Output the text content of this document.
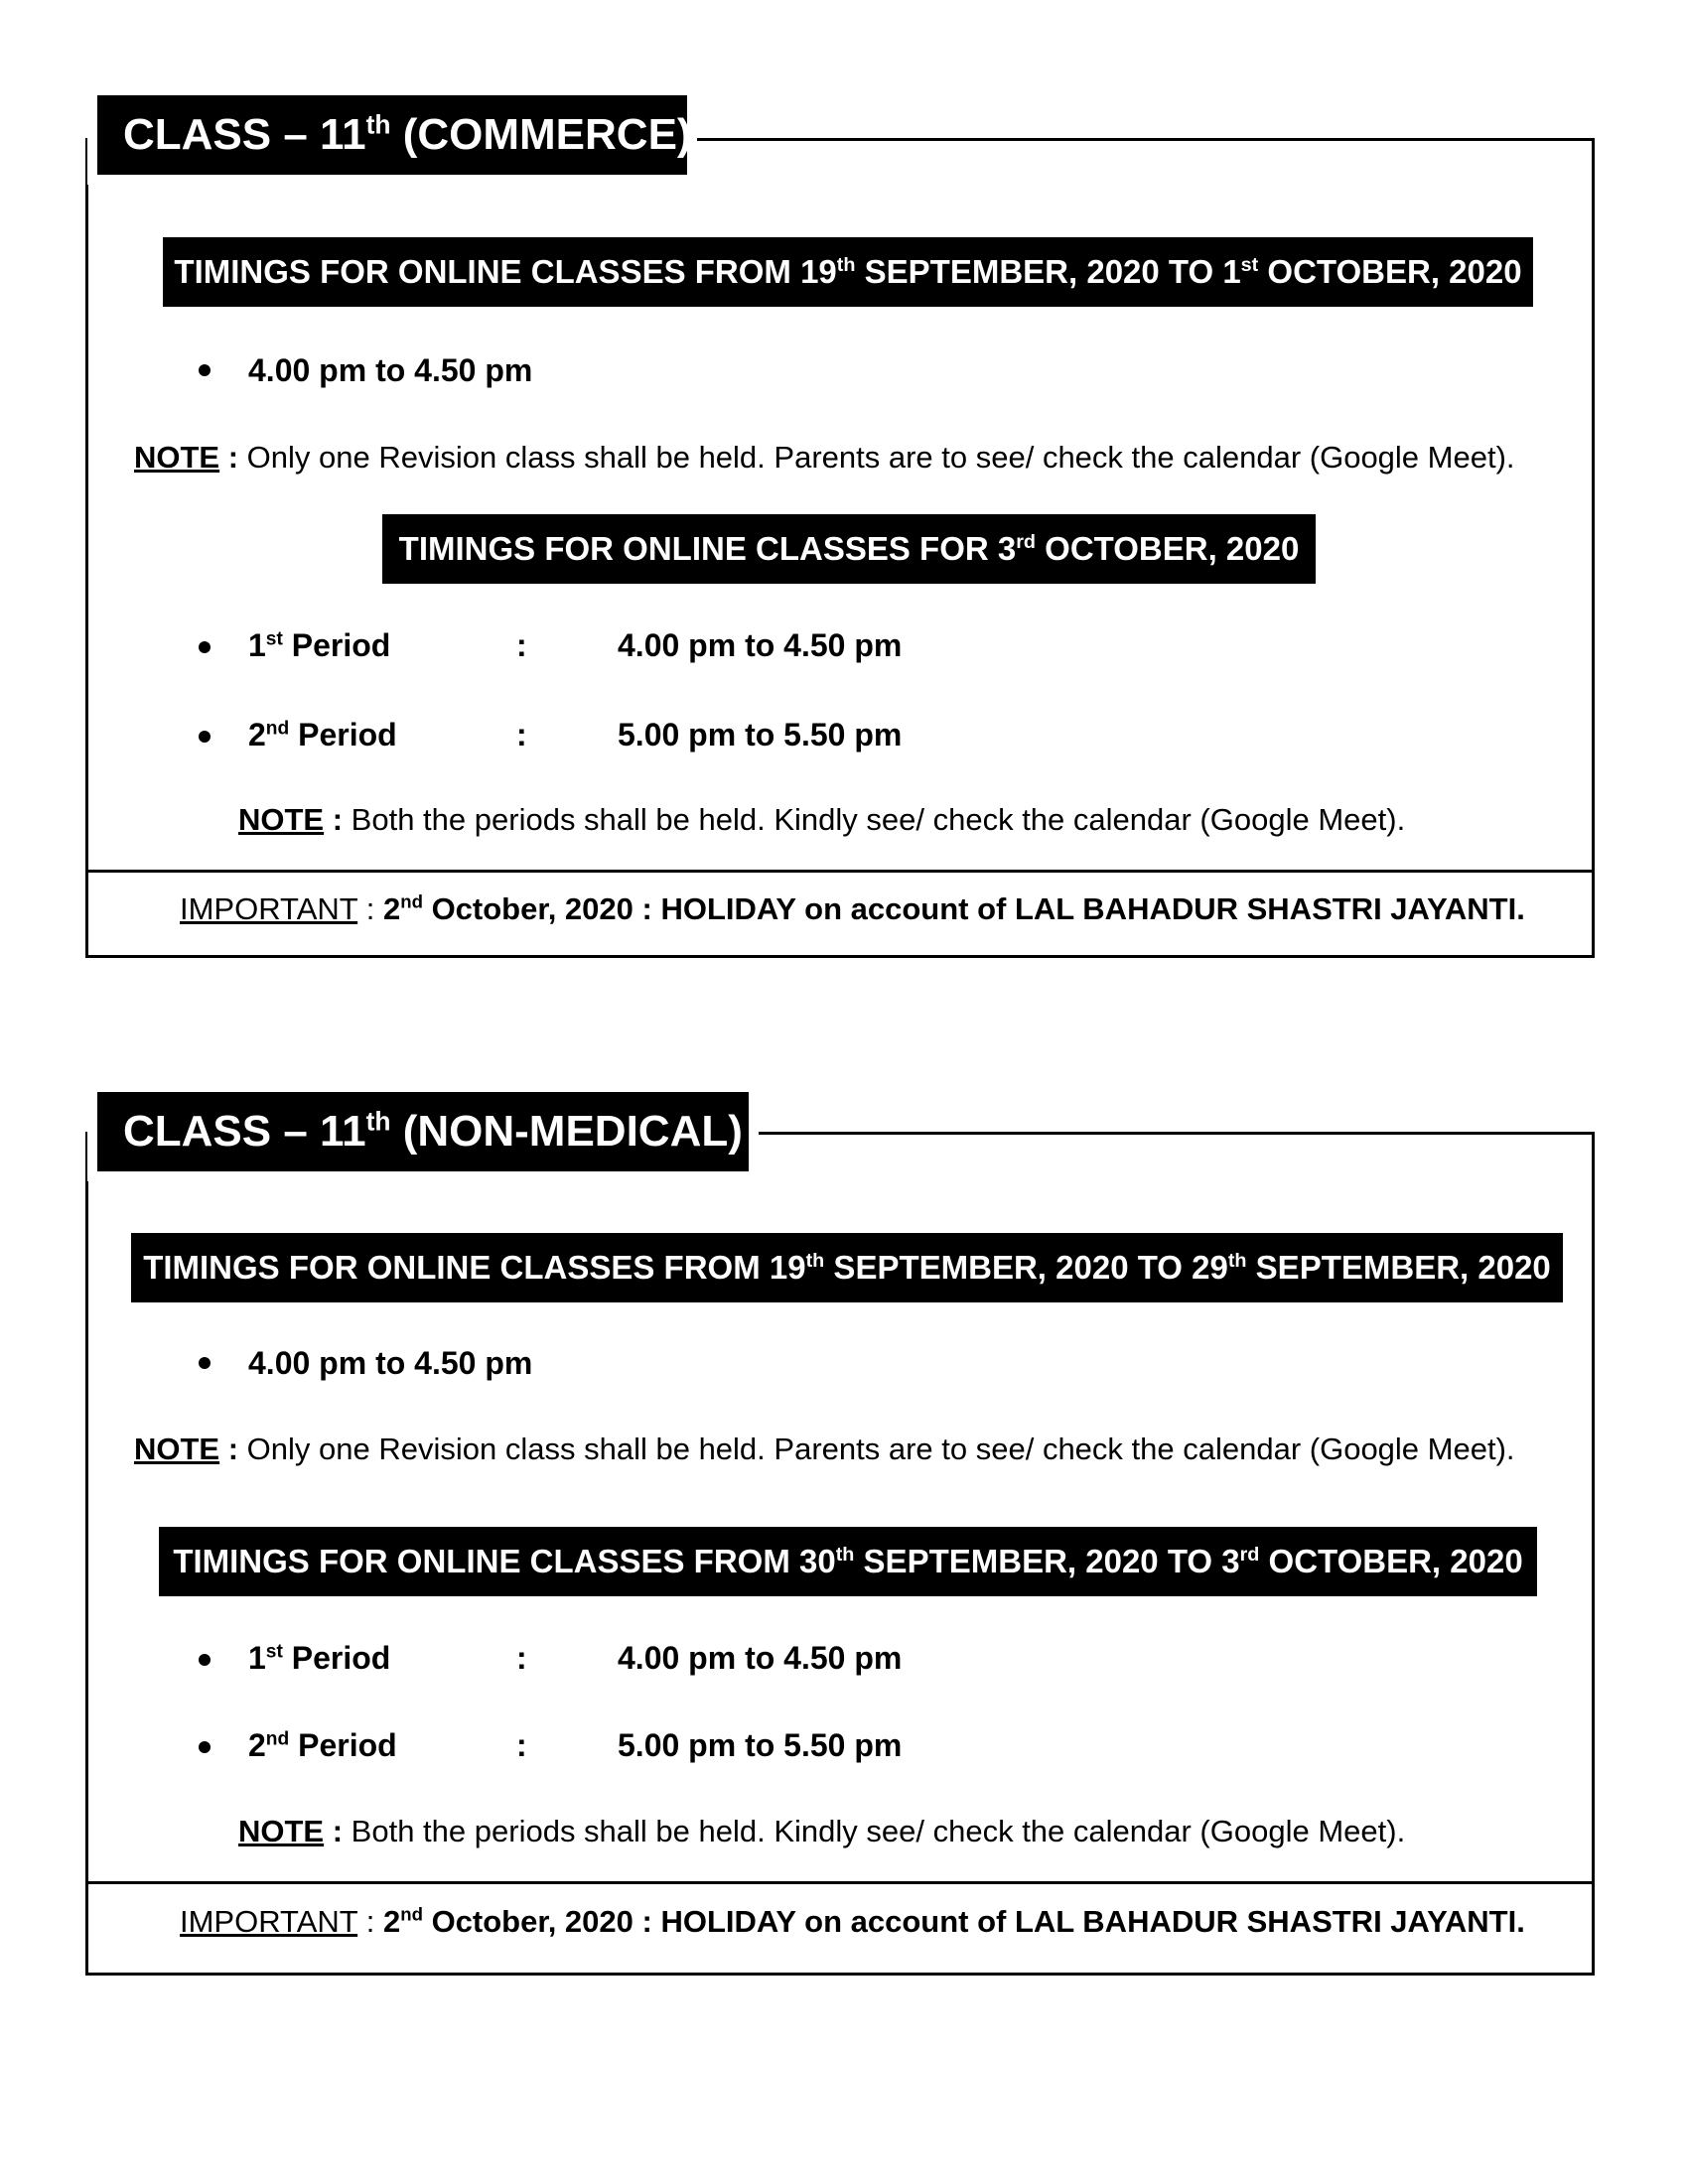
CLASS – 11th (COMMERCE)
TIMINGS FOR ONLINE CLASSES FROM 19th SEPTEMBER, 2020 TO 1st OCTOBER, 2020
4.00 pm to 4.50 pm
NOTE : Only one Revision class shall be held. Parents are to see/ check the calendar (Google Meet).
TIMINGS FOR ONLINE CLASSES FOR 3rd OCTOBER, 2020
1st Period	:	4.00 pm to 4.50 pm
2nd Period	:	5.00 pm to 5.50 pm
NOTE : Both the periods shall be held. Kindly see/ check the calendar (Google Meet).
IMPORTANT : 2nd October, 2020 : HOLIDAY on account of LAL BAHADUR SHASTRI JAYANTI.
CLASS – 11th (NON-MEDICAL)
TIMINGS FOR ONLINE CLASSES FROM 19th SEPTEMBER, 2020 TO 29th SEPTEMBER, 2020
4.00 pm to 4.50 pm
NOTE : Only one Revision class shall be held. Parents are to see/ check the calendar (Google Meet).
TIMINGS FOR ONLINE CLASSES FROM 30th SEPTEMBER, 2020 TO 3rd OCTOBER, 2020
1st Period	:	4.00 pm to 4.50 pm
2nd Period	:	5.00 pm to 5.50 pm
NOTE : Both the periods shall be held. Kindly see/ check the calendar (Google Meet).
IMPORTANT : 2nd October, 2020 : HOLIDAY on account of LAL BAHADUR SHASTRI JAYANTI.
